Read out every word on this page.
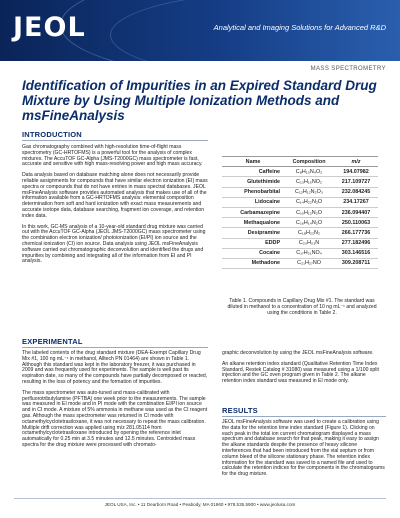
JEOL	Analytical and Imaging Solutions for Advanced R&D
MASS SPECTROMETRY
Identification of Impurities in an Expired Standard Drug Mixture by Using Multiple Ionization Methods and msFineAnalysis
INTRODUCTION

Gas chromatography combined with high-resolution time-of-flight mass spectrometry (GC-HRTOFMS) is a powerful tool for the analysis of complex mixtures. The AccuTOF GC-Alpha (JMS-T2000GC) mass spectrometer is fast, accurate and sensitive with high mass-resolving power and high mass accuracy.

Data analysis based on database matching alone does not necessarily provide reliable assignments for compounds that have similar electron ionization (EI) mass spectra or compounds that do not have entries in mass spectral databases. JEOL msFineAnalysis software provides automated analysis that makes use of all of the information available from a GC-HRTOFMS analysis: elemental composition determination from soft and hard ionization with exact mass measurements and accurate isotope data, database searching, fragment ion coverage, and retention index data.

In this work, GC-MS analysis of a 10-year-old standard drug mixture was carried out with the AccuTOF GC-Alpha (JEOL JMS-T2000GC) mass spectrometer using the combination electron ionization/ photoionization (EI/PI) ion source and the chemical ionization (CI) ion source. Data analysis using JEOL msFineAnalysis software carried out chromatographic deconvolution and identified the drugs and impurities by combining and integrating all of the information from EI and PI analysis.

EXPERIMENTAL

The labeled contents of the drug standard mixture (DEA-Exempt Capillary Drug Mix #1, 100 ng mL⁻¹ in methanol, Alltech PN 01464) are shown in Table 1. Although this standard was kept in the laboratory freezer, it was purchased in 2009 and was frequently used for experiments. The sample is well past its expiration date, so many of the compounds have partially decomposed or reacted, resulting in the loss of potency and the formation of impurities.

The mass spectrometer was auto-tuned and mass-calibrated with perfluorotributylamine (PFTBA) one week prior to the measurements. The sample was measured in EI mode and in PI mode with the combination EI/PI ion source and in CI mode. A mixture of 5% ammonia in methane was used as the CI reagent gas. Although the mass spectrometer was returned in CI mode with octamethylcyclotetrasiloxane, it was not necessary to repeat the mass calibration. Multiple drift correction was applied using m/z 281.05114 from octamethylcyclotetrasiloxane introduced by opening the reference inlet automatically for 0.25 min at 3.5 minutes and 12.5 minutes. Centroided mass spectra for the drug mixture were processed with chromato-

Name	Composition	m/z
Caffeine	C₈H₁₀N₄O₂	194.07982
Glutethimide	C₁₃H₁₅NO₂	217.109727
Phenobarbital	C₁₂H₁₂N₂O₃	232.084245
Lidocaine	C₁₄H₂₂N₂O	234.17267
Carbamazepine	C₁₅H₁₂N₂O	236.094407
Methaqualone	C₁₆H₁₄N₂O	250.110063
Desipramine	C₁₈H₂₂N₂	266.177736
EDDP	C₂₀H₂₃N	277.182496
Cocaine	C₁₇H₂₁NO₄	303.146516
Methadone	C₂₁H₂₇NO	309.208711
Table 1. Compounds in Capillary Drug Mix #1. The standard was diluted in methanol to a concentration of 10 ng mL⁻¹ and analyzed using the conditions in Table 2.

graphic deconvolution by using the JEOL msFineAnalysis software.

An alkane retention index standard (Qualitative Retention Time Index Standard, Restek Catalog # 31080) was measured using a 1/100 split injection and the GC oven program given in Table 2. The alkane retention index standard was measured in EI mode only.

RESULTS

JEOL msFineAnalysis software was used to create a calibration using the data for the retention time index standard (Figure 1). Clicking on each peak in the total ion current chromatogram displayed a mass spectrum and database search for that peak, making it easy to assign the alkane standards despite the presence of heavy silicone interferences that had been introduced from the vial septum or from column bleed of the silicone stationary phase. The retention index information for the standard was saved to a named file and used to calculate the retention indices for the components in the chromatograms for the drug mixture.

JEOL USA, Inc. • 11 Dearborn Road • Peabody, MA 01960 • 978.535.5900 • www.jeolusa.com
